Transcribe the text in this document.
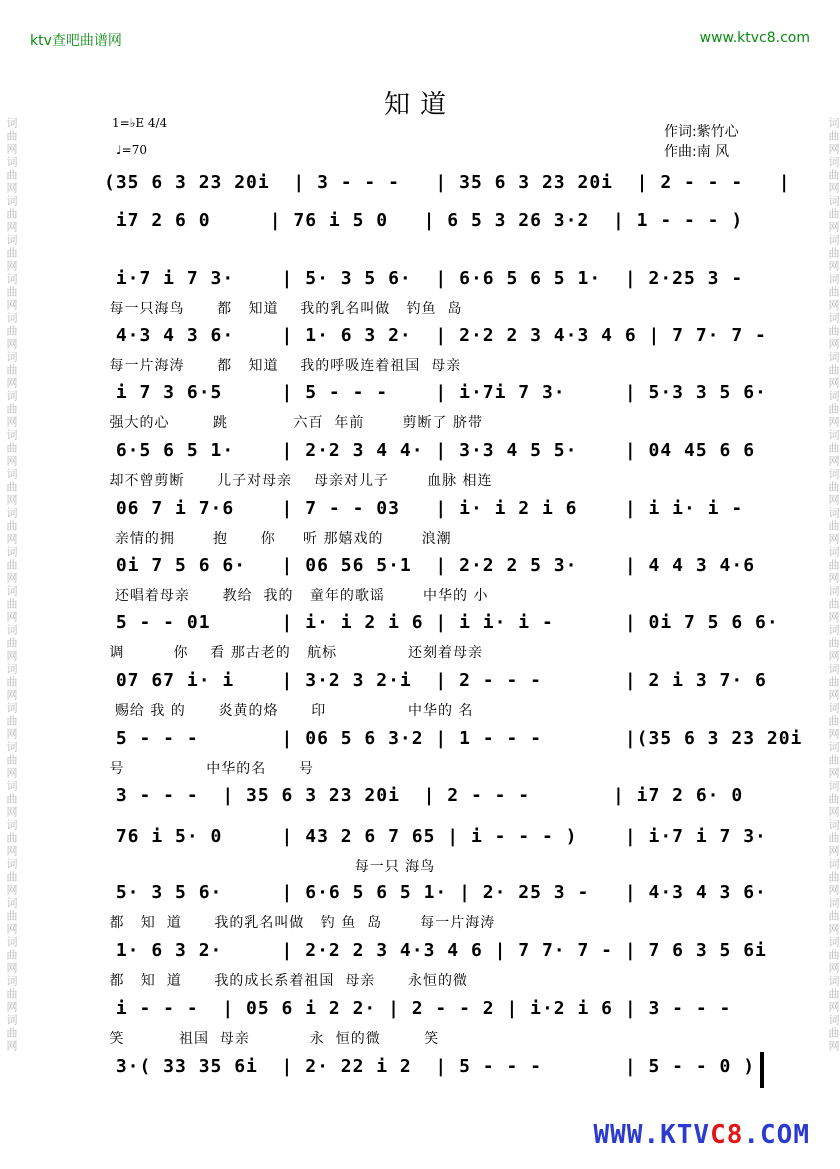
词曲网词曲网词曲网词曲网词曲网词曲网词曲网词曲网词曲网词曲网词曲网词曲网词曲网词曲网词曲网词曲网词曲网词曲网词曲网词曲网词曲网词曲网词曲网词曲网	词曲网词曲网词曲网词曲网词曲网词曲网词曲网词曲网词曲网词曲网词曲网词曲网词曲网词曲网词曲网词曲网词曲网词曲网词曲网词曲网词曲网词曲网词曲网词曲网
ktv查吧曲谱网	www.ktvc8.com
知道
1=♭E 4/4
♩=70
作词:紫竹心
作曲:南 风
(35 6 3 23 20i  | 3 - - -   | 35 6 3 23 20i  | 2 - - -   |
i7 2 6 0     | 76 i 5 0   | 6 5 3 26 3·2  | 1 - - - )
i·7 i 7 3·    | 5· 3 5 6·  | 6·6 5 6 5 1·  | 2·25 3 -
每一只海鸟      都   知道    我的乳名叫做   钓鱼  岛
4·3 4 3 6·    | 1· 6 3 2·  | 2·2 2 3 4·3 4 6 | 7 7· 7 -
每一片海涛      都   知道    我的呼吸连着祖国  母亲
i 7 3 6·5     | 5 - - -    | i·7i 7 3·     | 5·3 3 5 6·
强大的心        跳            六百  年前       剪断了 脐带
6·5 6 5 1·    | 2·2 3 4 4· | 3·3 4 5 5·    | 04 45 6 6
却不曾剪断      儿子对母亲    母亲对儿子       血脉 相连
06 7 i 7·6    | 7 - - 03   | i· i 2 i 6    | i i· i -
亲情的拥       抱      你     听 那嬉戏的       浪潮
0i 7 5 6 6·   | 06 56 5·1  | 2·2 2 5 3·    | 4 4 3 4·6
还唱着母亲      教给  我的   童年的歌谣       中华的 小
5 - - 01      | i· i 2 i 6 | i i· i -      | 0i 7 5 6 6·
调         你    看 那古老的   航标             还刻着母亲
07 67 i· i    | 3·2 3 2·i  | 2 - - -       | 2 i 3 7· 6
赐给 我 的      炎黄的烙      印               中华的 名
5 - - -       | 06 5 6 3·2 | 1 - - -       |(35 6 3 23 20i
号               中华的名      号
3 - - -  | 35 6 3 23 20i  | 2 - - -       | i7 2 6· 0
76 i 5· 0     | 43 2 6 7 65 | i - - - )    | i·7 i 7 3·
每一只 海鸟
5· 3 5 6·     | 6·6 5 6 5 1· | 2· 25 3 -   | 4·3 4 3 6·
都   知  道      我的乳名叫做   钓 鱼  岛       每一片海涛
1· 6 3 2·     | 2·2 2 3 4·3 4 6 | 7 7· 7 - | 7 6 3 5 6i
都   知  道      我的成长系着祖国  母亲      永恒的微
i - - -  | 05 6 i 2 2· | 2 - - 2 | i·2 i 6 | 3 - - -
笑          祖国  母亲           永  恒的微        笑
3·( 33 35 6i  | 2· 22 i 2  | 5 - - -       | 5 - - 0 )
WWW.KTVC8.COM
